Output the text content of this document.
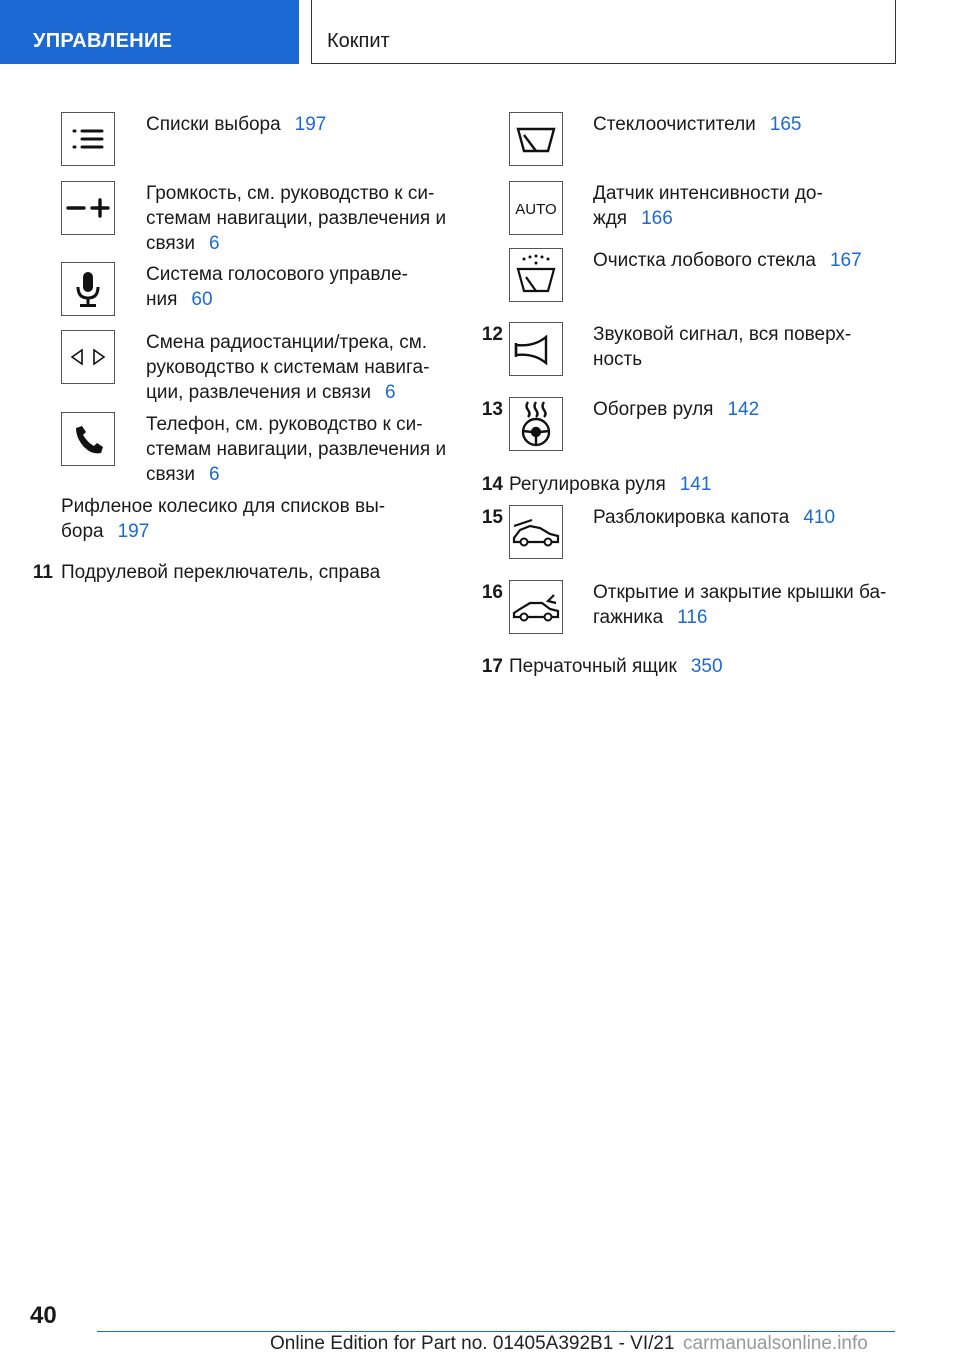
УПРАВЛЕНИЕ	Кокпит
Списки выбора 197
Громкость, см. руководство к си-
стемам навигации, развлечения и
связи 6
Система голосового управле-
ния 60
Смена радиостанции/трека, см.
руководство к системам навига-
ции, развлечения и связи 6
Телефон, см. руководство к си-
стемам навигации, развлечения и
связи 6
Рифленое колесико для списков вы-
бора 197
11 Подрулевой переключатель, справа
Стеклоочистители 165
AUTO
Датчик интенсивности до-
ждя 166
Очистка лобового стекла 167
12	Звуковой сигнал, вся поверх-
ность
13	Обогрев руля 142
14 Регулировка руля 141
15	Разблокировка капота 410
16	Открытие и закрытие крышки ба-
гажника 116
17 Перчаточный ящик 350
40
Online Edition for Part no. 01405A392B1 - VI/21 carmanualsonline.info
